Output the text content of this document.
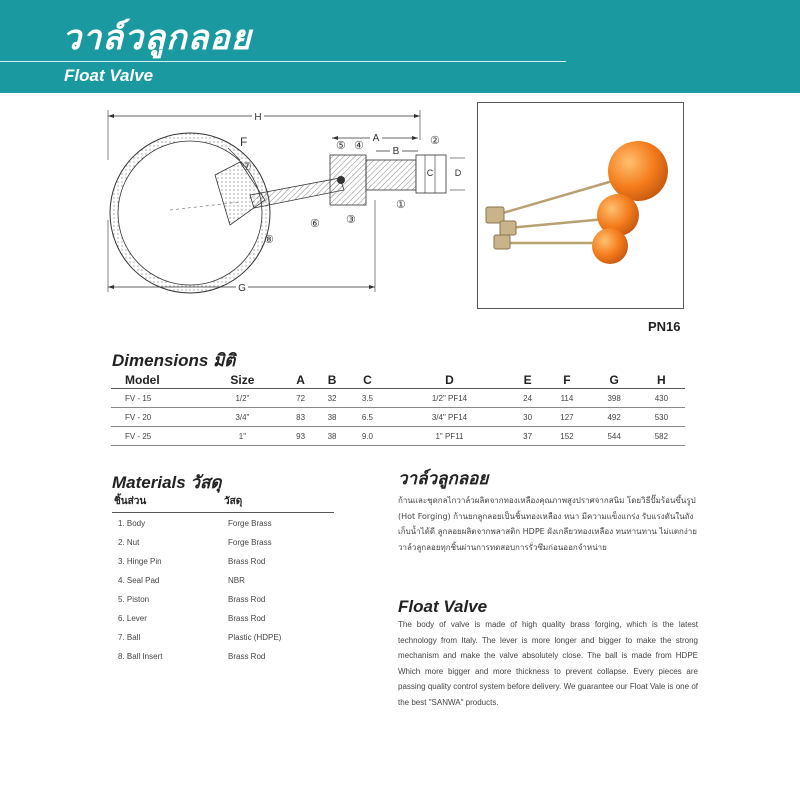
วาล์วลูกลอย
Float Valve
H
A
B
C D
F
①
②
③
④
⑤
⑥
⑦
⑧
G
PN16
Dimensions มิติ
Model	Size	A	B	C	D	E	F	G	H
FV - 15	1/2"	72	32	3.5	1/2" PF14	24	114	398	430
FV - 20	3/4"	83	38	6.5	3/4" PF14	30	127	492	530
FV - 25	1"	93	38	9.0	1" PF11	37	152	544	582
Materials วัสดุ
ชิ้นส่วน	วัสดุ
1. Body	Forge Brass
2. Nut	Forge Brass
3. Hinge Pin	Brass Rod
4. Seal Pad	NBR
5. Piston	Brass Rod
6. Lever	Brass Rod
7. Ball	Plastic (HDPE)
8. Ball Insert	Brass Rod
วาล์วลูกลอย
ก้านและชุดกลไกวาล์วผลิตจากทองเหลืองคุณภาพสูงปราศจากสนิม โดยวิธีปั๊มร้อนขึ้นรูป (Hot Forging) ก้านยกลูกลอยเป็นชิ้นทองเหลือง หนา มีความแข็งแกร่ง รับแรงดันในถังเก็บน้ำได้ดี ลูกลอยผลิตจากพลาสติก HDPE ผังเกลียวทองเหลือง ทนทานทาน ไม่แตกง่าย วาล์วลูกลอยทุกชิ้นผ่านการทดสอบการรั่วซึมก่อนออกจำหน่าย
Float Valve
The body of valve is made of high quality brass forging, which is the latest technology from Italy. The lever is more longer and bigger to make the strong mechanism and make the valve absolutely close. The ball is made from HDPE Which more bigger and more thickness to prevent collapse. Every pieces are passing quality control system before delivery. We guarantee our Float Vale is one of the best "SANWA" products.
